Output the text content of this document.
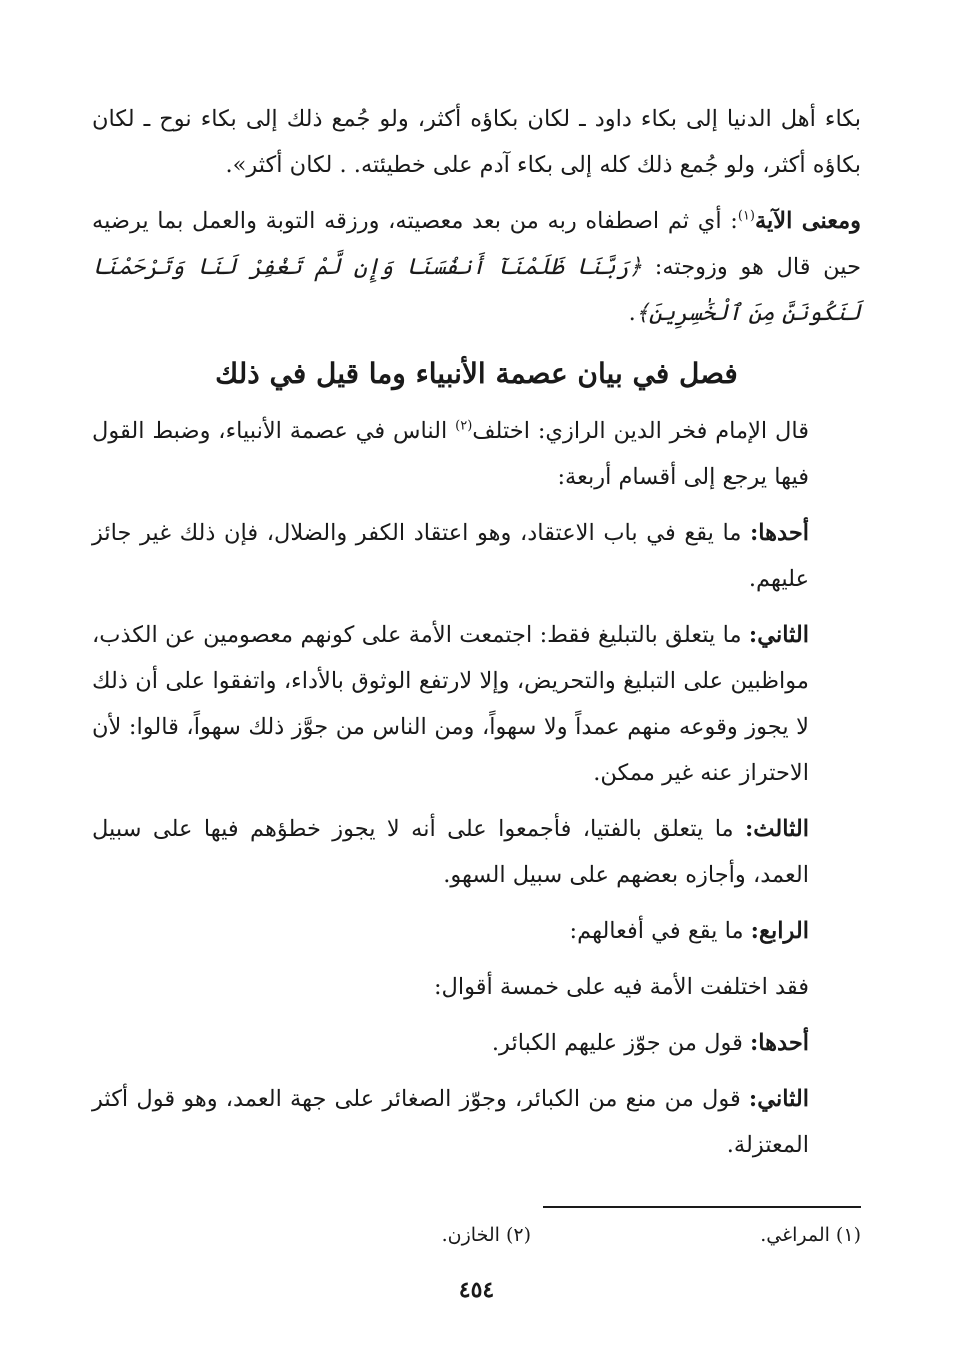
بكاء أهل الدنيا إلى بكاء داود ـ لكان بكاؤه أكثر، ولو جُمع ذلك إلى بكاء نوح ـ لكان بكاؤه أكثر، ولو جُمع ذلك كله إلى بكاء آدم على خطيئته. . لكان أكثر».

ومعنى الآية$^{(١)}$: أي ثم اصطفاه ربه من بعد معصيته، ورزقه التوبة والعمل بما يرضيه حين قال هو وزوجته: ﴿رَبَّنَا ظَلَمْنَآ أَنفُسَنَا وَإِن لَّمْ تَغْفِرْ لَنَا وَتَرْحَمْنَا لَنَكُونَنَّ مِنَ ٱلْخَٰسِرِينَ﴾.

فصل في بيان عصمة الأنبياء وما قيل في ذلك

قال الإمام فخر الدين الرازي: اختلف$^{(٢)}$ الناس في عصمة الأنبياء، وضبط القول فيها يرجع إلى أقسام أربعة:

أحدها: ما يقع في باب الاعتقاد، وهو اعتقاد الكفر والضلال، فإن ذلك غير جائز عليهم.

الثاني: ما يتعلق بالتبليغ فقط: اجتمعت الأمة على كونهم معصومين عن الكذب، مواظبين على التبليغ والتحريض، وإلا لارتفع الوثوق بالأداء، واتفقوا على أن ذلك لا يجوز وقوعه منهم عمداً ولا سهواً، ومن الناس من جوَّز ذلك سهواً، قالوا: لأن الاحتراز عنه غير ممكن.

الثالث: ما يتعلق بالفتيا، فأجمعوا على أنه لا يجوز خطؤهم فيها على سبيل العمد، وأجازه بعضهم على سبيل السهو.

الرابع: ما يقع في أفعالهم:

فقد اختلفت الأمة فيه على خمسة أقوال:

أحدها: قول من جوّز عليهم الكبائر.

الثاني: قول من منع من الكبائر، وجوّز الصغائر على جهة العمد، وهو قول أكثر المعتزلة.

(١) المراغي.
(٢) الخازن.
٤٥٤
